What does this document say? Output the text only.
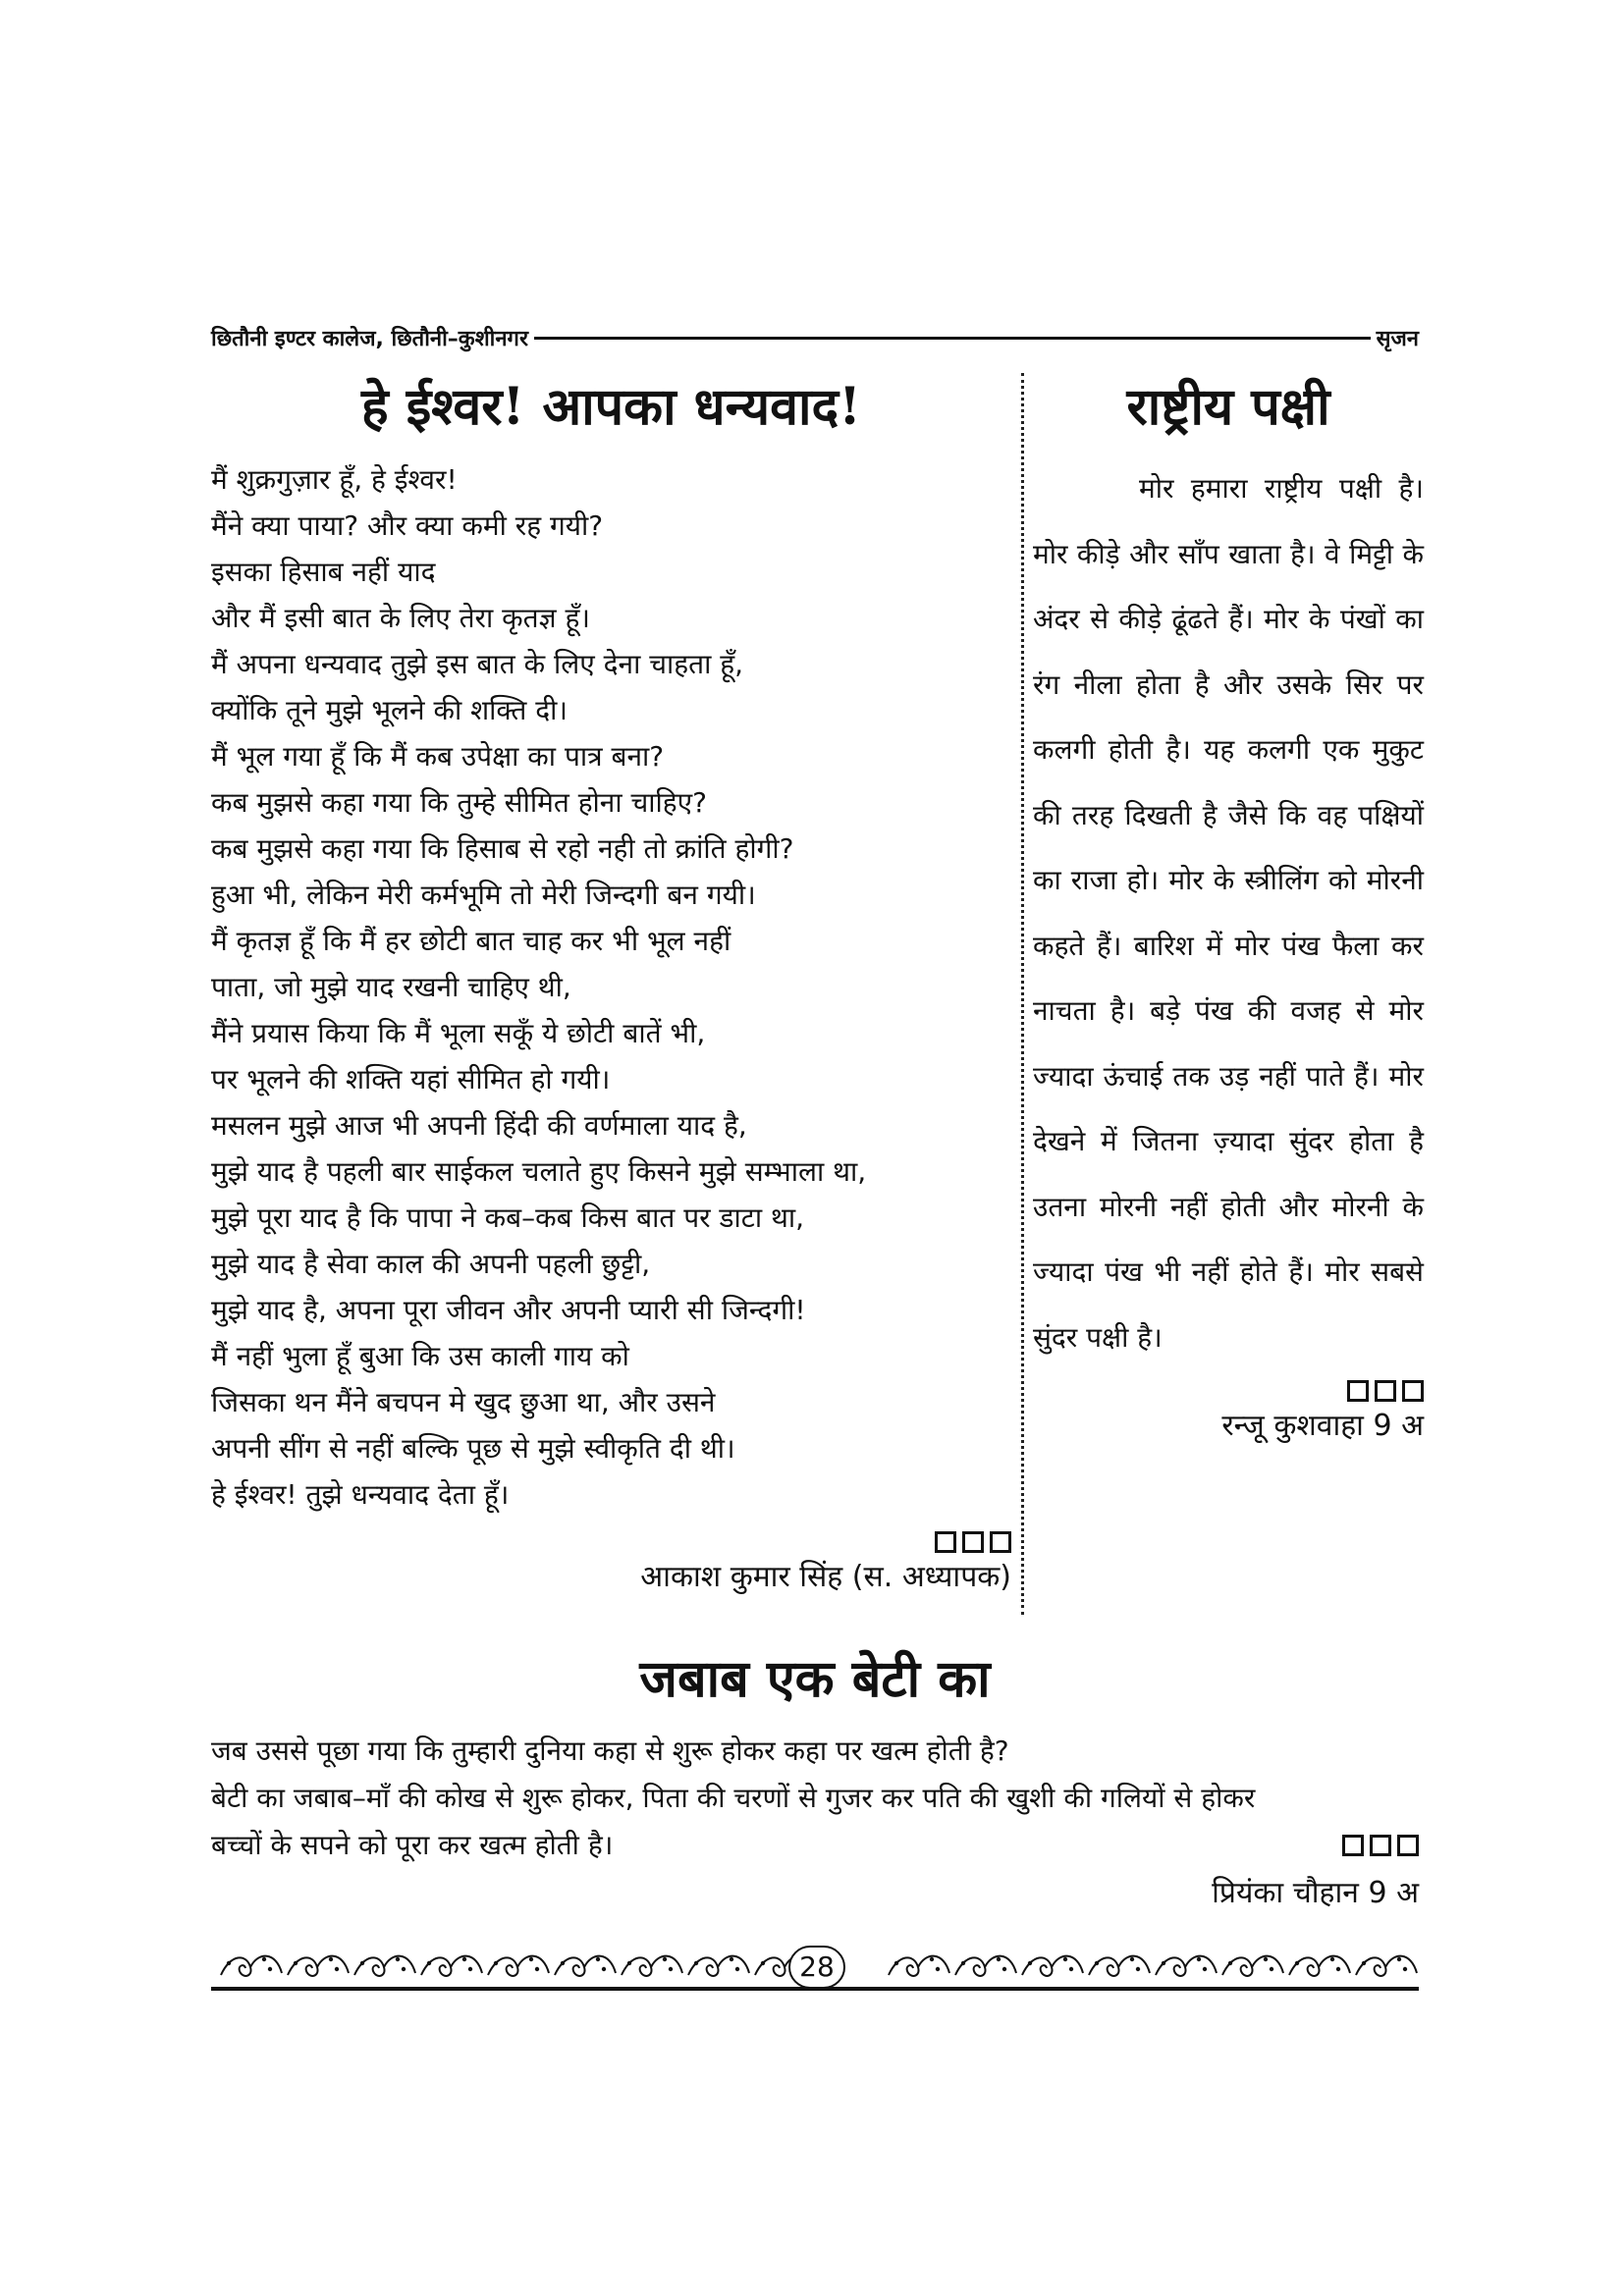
छितौनी इण्टर कालेज, छितौनी–कुशीनगर	सृजन
हे ईश्वर! आपका धन्यवाद!
मैं शुक्रगुज़ार हूँ, हे ईश्वर!
मैंने क्या पाया? और क्या कमी रह गयी?
इसका हिसाब नहीं याद
और मैं इसी बात के लिए तेरा कृतज्ञ हूँ।
मैं अपना धन्यवाद तुझे इस बात के लिए देना चाहता हूँ,
क्योंकि तूने मुझे भूलने की शक्ति दी।
मैं भूल गया हूँ कि मैं कब उपेक्षा का पात्र बना?
कब मुझसे कहा गया कि तुम्हे सीमित होना चाहिए?
कब मुझसे कहा गया कि हिसाब से रहो नही तो क्रांति होगी?
हुआ भी, लेकिन मेरी कर्मभूमि तो मेरी जिन्दगी बन गयी।
मैं कृतज्ञ हूँ कि मैं हर छोटी बात चाह कर भी भूल नहीं
पाता, जो मुझे याद रखनी चाहिए थी,
मैंने प्रयास किया कि मैं भूला सकूँ ये छोटी बातें भी,
पर भूलने की शक्ति यहां सीमित हो गयी।
मसलन मुझे आज भी अपनी हिंदी की वर्णमाला याद है,
मुझे याद है पहली बार साईकल चलाते हुए किसने मुझे सम्भाला था,
मुझे पूरा याद है कि पापा ने कब–कब किस बात पर डाटा था,
मुझे याद है सेवा काल की अपनी पहली छुट्टी,
मुझे याद है, अपना पूरा जीवन और अपनी प्यारी सी जिन्दगी!
मैं नहीं भुला हूँ बुआ कि उस काली गाय को
जिसका थन मैंने बचपन मे खुद छुआ था, और उसने
अपनी सींग से नहीं बल्कि पूछ से मुझे स्वीकृति दी थी।
हे ईश्वर! तुझे धन्यवाद देता हूँ।
आकाश कुमार सिंह (स. अध्यापक)
राष्ट्रीय पक्षी

मोर हमारा राष्ट्रीय पक्षी है। मोर कीड़े और साँप खाता है। वे मिट्टी के अंदर से कीड़े ढूंढते हैं। मोर के पंखों का रंग नीला होता है और उसके सिर पर कलगी होती है। यह कलगी एक मुकुट की तरह दिखती है जैसे कि वह पक्षियों का राजा हो। मोर के स्त्रीलिंग को मोरनी कहते हैं। बारिश में मोर पंख फैला कर नाचता है। बड़े पंख की वजह से मोर ज्यादा ऊंचाई तक उड़ नहीं पाते हैं। मोर देखने में जितना ज़्यादा सुंदर होता है उतना मोरनी नहीं होती और मोरनी के ज्यादा पंख भी नहीं होते हैं। मोर सबसे सुंदर पक्षी है।

रन्जू कुशवाहा 9 अ
जबाब एक बेटी का

जब उससे पूछा गया कि तुम्हारी दुनिया कहा से शुरू होकर कहा पर खत्म होती है?

बेटी का जबाब–माँ की कोख से शुरू होकर, पिता की चरणों से गुजर कर पति की खुशी की गलियों से होकर

बच्चों के सपने को पूरा कर खत्म होती है।

प्रियंका चौहान 9 अ
28
